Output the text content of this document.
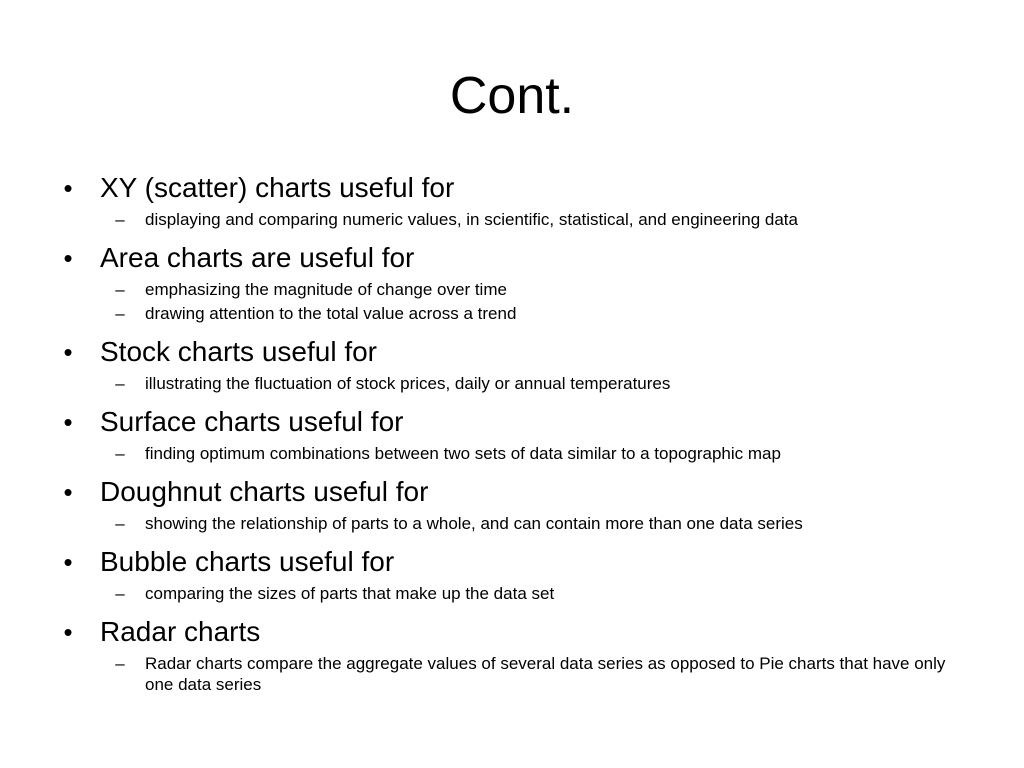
Cont.
• XY (scatter) charts useful for
– displaying and comparing numeric values, in scientific, statistical, and engineering data
• Area charts are useful for
– emphasizing the magnitude of change over time
– drawing attention to the total value across a trend
• Stock charts useful for
– illustrating the fluctuation of stock prices, daily or annual temperatures
• Surface charts useful for
– finding optimum combinations between two sets of data similar to a topographic map
• Doughnut charts useful for
– showing the relationship of parts to a whole, and can contain more than one data series
• Bubble charts useful for
– comparing the sizes of parts that make up the data set
• Radar charts
– Radar charts compare the aggregate values of several data series as opposed to Pie charts that have only one data series
